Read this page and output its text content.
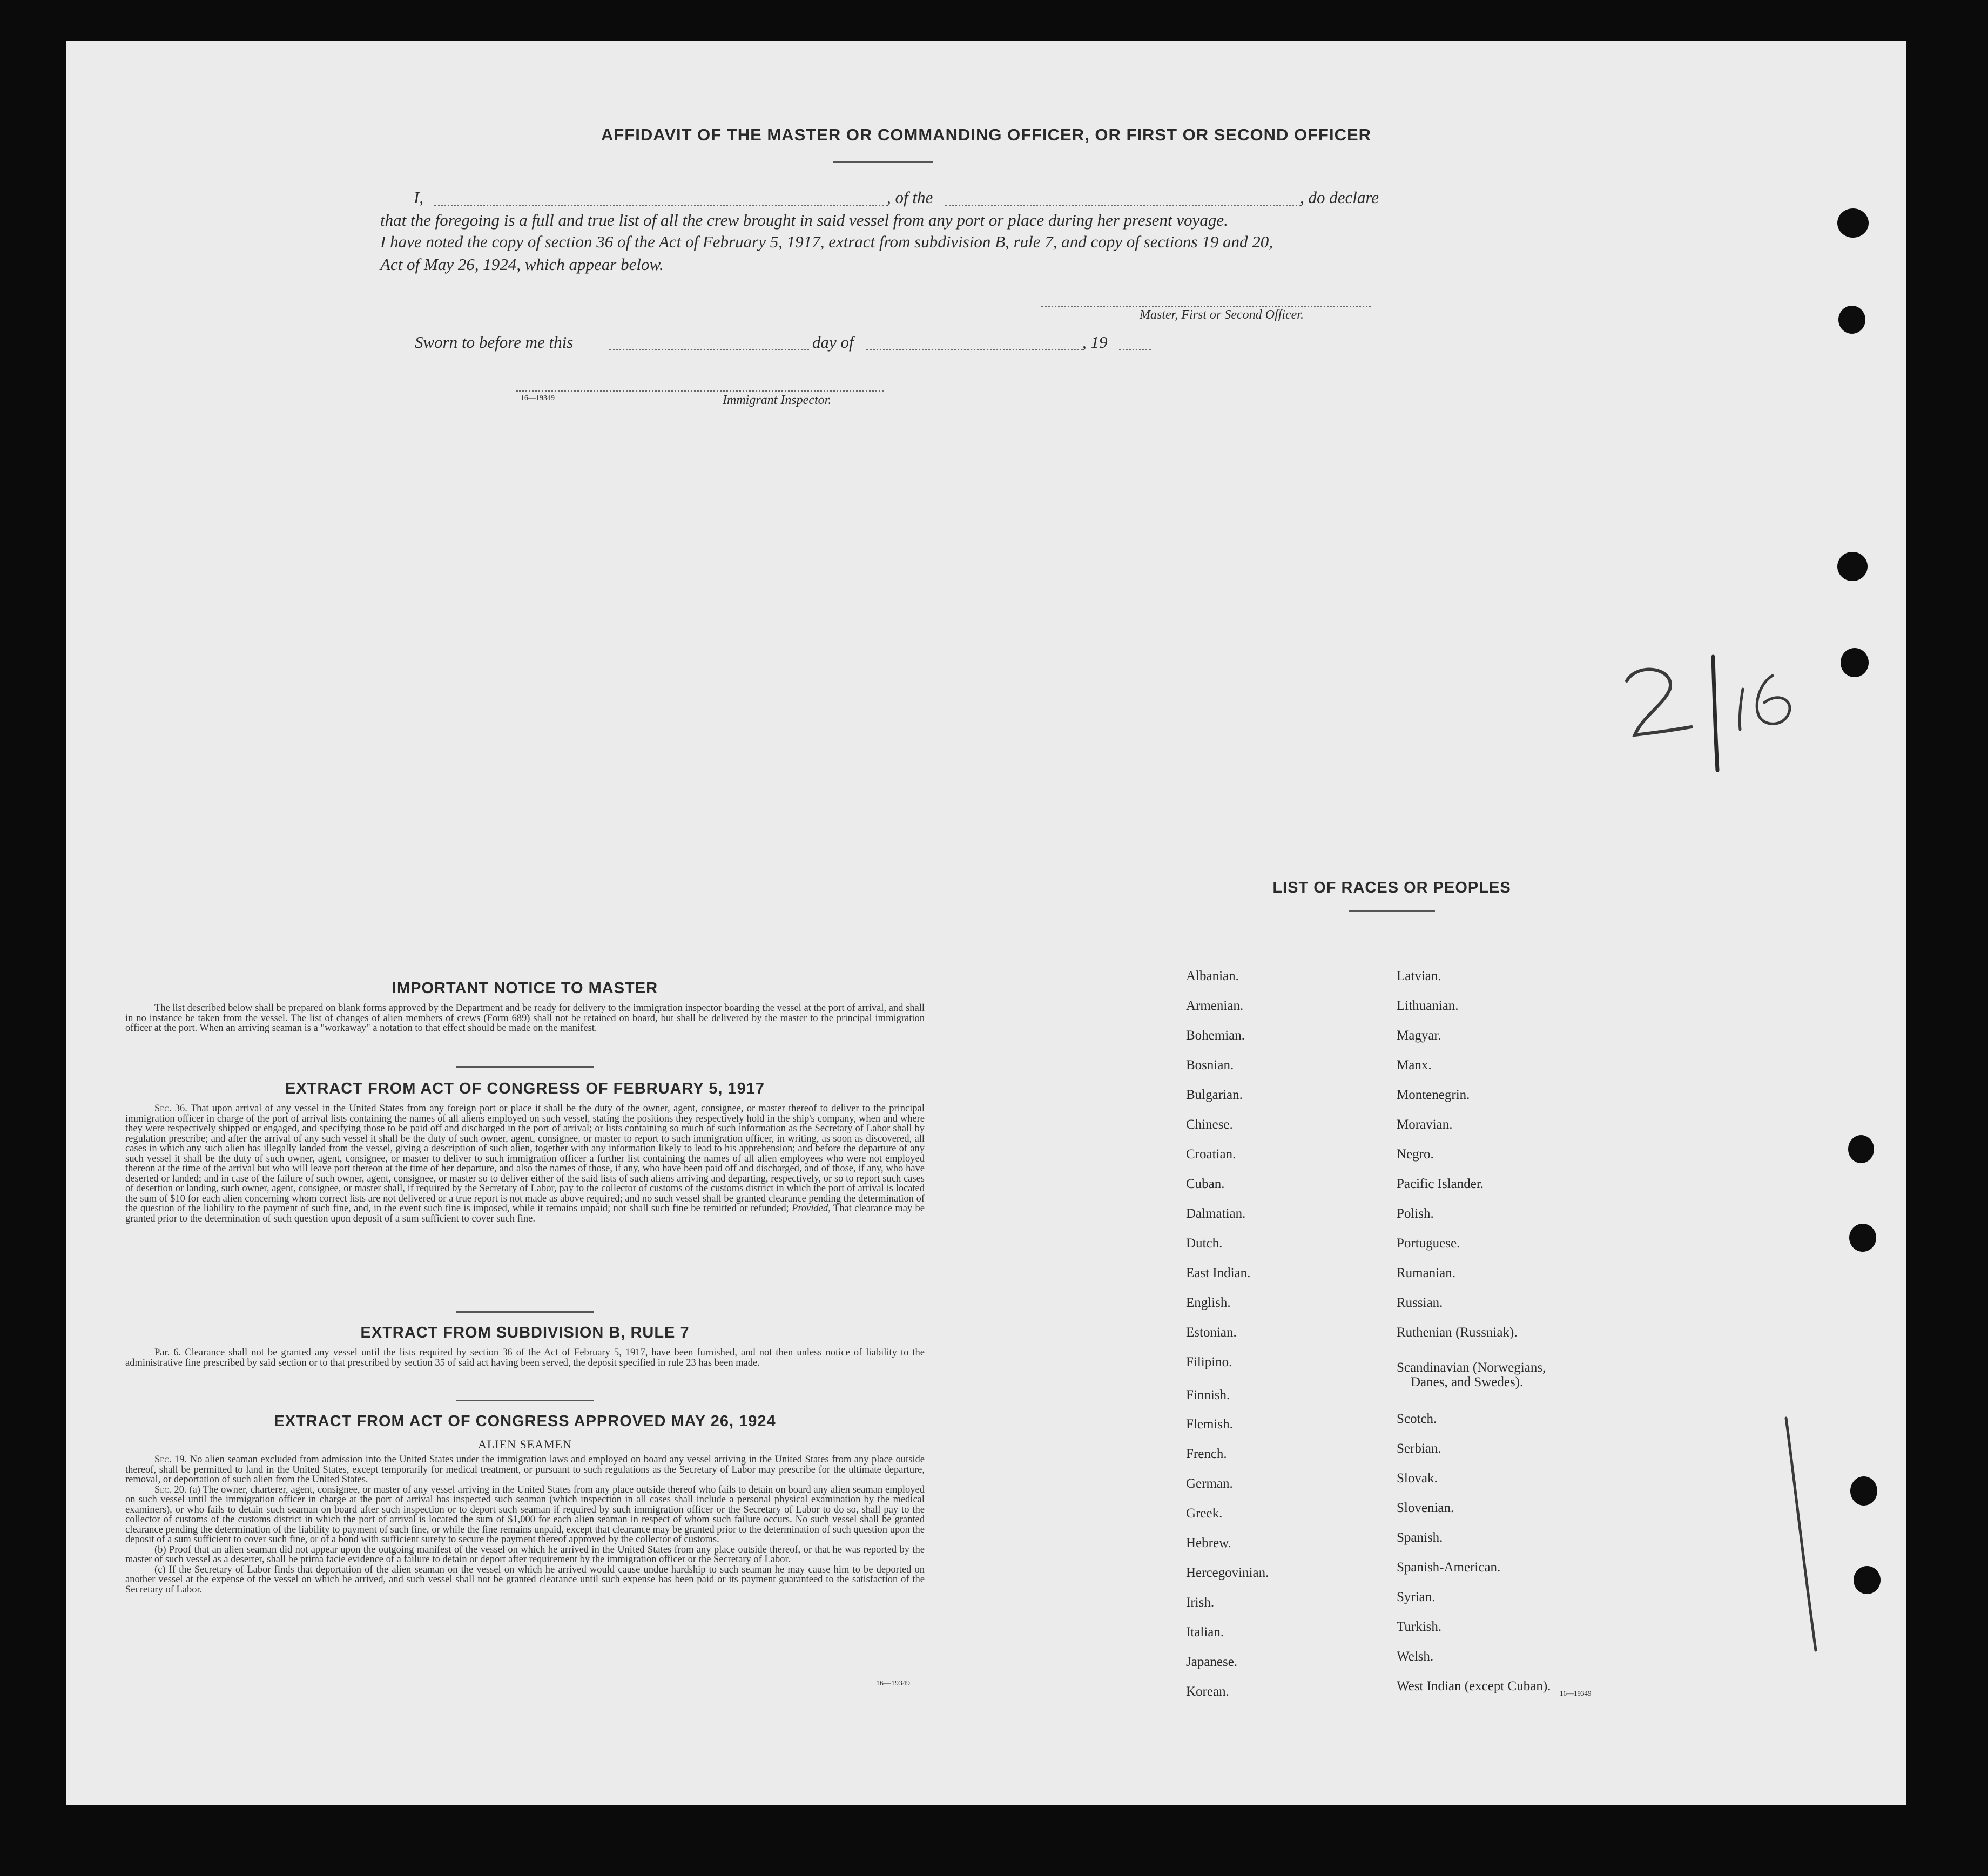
AFFIDAVIT OF THE MASTER OR COMMANDING OFFICER, OR FIRST OR SECOND OFFICER
I,	, of the	, do declare
that the foregoing is a full and true list of all the crew brought in said vessel from any port or place during her present voyage.
I have noted the copy of section 36 of the Act of February 5, 1917, extract from subdivision B, rule 7, and copy of sections 19 and 20,
Act of May 26, 1924, which appear below.
Master, First or Second Officer.
Sworn to before me this	day of	, 19
16—19349	Immigrant Inspector.
IMPORTANT NOTICE TO MASTER

The list described below shall be prepared on blank forms approved by the Department and be ready for delivery to the immigration inspector boarding the vessel at the port of arrival, and shall in no instance be taken from the vessel. The list of changes of alien members of crews (Form 689) shall not be retained on board, but shall be delivered by the master to the principal immigration officer at the port. When an arriving seaman is a "workaway" a notation to that effect should be made on the manifest.

EXTRACT FROM ACT OF CONGRESS OF FEBRUARY 5, 1917

Sec. 36. That upon arrival of any vessel in the United States from any foreign port or place it shall be the duty of the owner, agent, consignee, or master thereof to deliver to the principal immigration officer in charge of the port of arrival lists containing the names of all aliens employed on such vessel, stating the positions they respectively hold in the ship's company, when and where they were respectively shipped or engaged, and specifying those to be paid off and discharged in the port of arrival; or lists containing so much of such information as the Secretary of Labor shall by regulation prescribe; and after the arrival of any such vessel it shall be the duty of such owner, agent, consignee, or master to report to such immigration officer, in writing, as soon as discovered, all cases in which any such alien has illegally landed from the vessel, giving a description of such alien, together with any information likely to lead to his apprehension; and before the departure of any such vessel it shall be the duty of such owner, agent, consignee, or master to deliver to such immigration officer a further list containing the names of all alien employees who were not employed thereon at the time of the arrival but who will leave port thereon at the time of her departure, and also the names of those, if any, who have been paid off and discharged, and of those, if any, who have deserted or landed; and in case of the failure of such owner, agent, consignee, or master so to deliver either of the said lists of such aliens arriving and departing, respectively, or so to report such cases of desertion or landing, such owner, agent, consignee, or master shall, if required by the Secretary of Labor, pay to the collector of customs of the customs district in which the port of arrival is located the sum of $10 for each alien concerning whom correct lists are not delivered or a true report is not made as above required; and no such vessel shall be granted clearance pending the determination of the question of the liability to the payment of such fine, and, in the event such fine is imposed, while it remains unpaid; nor shall such fine be remitted or refunded; Provided, That clearance may be granted prior to the determination of such question upon deposit of a sum sufficient to cover such fine.

EXTRACT FROM SUBDIVISION B, RULE 7

Par. 6. Clearance shall not be granted any vessel until the lists required by section 36 of the Act of February 5, 1917, have been furnished, and not then unless notice of liability to the administrative fine prescribed by said section or to that prescribed by section 35 of said act having been served, the deposit specified in rule 23 has been made.

EXTRACT FROM ACT OF CONGRESS APPROVED MAY 26, 1924
ALIEN SEAMEN

Sec. 19. No alien seaman excluded from admission into the United States under the immigration laws and employed on board any vessel arriving in the United States from any place outside thereof, shall be permitted to land in the United States, except temporarily for medical treatment, or pursuant to such regulations as the Secretary of Labor may prescribe for the ultimate departure, removal, or deportation of such alien from the United States.

Sec. 20. (a) The owner, charterer, agent, consignee, or master of any vessel arriving in the United States from any place outside thereof who fails to detain on board any alien seaman employed on such vessel until the immigration officer in charge at the port of arrival has inspected such seaman (which inspection in all cases shall include a personal physical examination by the medical examiners), or who fails to detain such seaman on board after such inspection or to deport such seaman if required by such immigration officer or the Secretary of Labor to do so, shall pay to the collector of customs of the customs district in which the port of arrival is located the sum of $1,000 for each alien seaman in respect of whom such failure occurs. No such vessel shall be granted clearance pending the determination of the liability to payment of such fine, or while the fine remains unpaid, except that clearance may be granted prior to the determination of such question upon the deposit of a sum sufficient to cover such fine, or of a bond with sufficient surety to secure the payment thereof approved by the collector of customs.

(b) Proof that an alien seaman did not appear upon the outgoing manifest of the vessel on which he arrived in the United States from any place outside thereof, or that he was reported by the master of such vessel as a deserter, shall be prima facie evidence of a failure to detain or deport after requirement by the immigration officer or the Secretary of Labor.

(c) If the Secretary of Labor finds that deportation of the alien seaman on the vessel on which he arrived would cause undue hardship to such seaman he may cause him to be deported on another vessel at the expense of the vessel on which he arrived, and such vessel shall not be granted clearance until such expense has been paid or its payment guaranteed to the satisfaction of the Secretary of Labor.

16—19349
LIST OF RACES OR PEOPLES
Albanian.
Armenian.
Bohemian.
Bosnian.
Bulgarian.
Chinese.
Croatian.
Cuban.
Dalmatian.
Dutch.
East Indian.
English.
Estonian.
Filipino.
Finnish.
Flemish.
French.
German.
Greek.
Hebrew.
Hercegovinian.
Irish.
Italian.
Japanese.
Korean.
Latvian.
Lithuanian.
Magyar.
Manx.
Montenegrin.
Moravian.
Negro.
Pacific Islander.
Polish.
Portuguese.
Rumanian.
Russian.
Ruthenian (Russniak).
Scandinavian (Norwegians,
Danes, and Swedes).
Scotch.
Serbian.
Slovak.
Slovenian.
Spanish.
Spanish-American.
Syrian.
Turkish.
Welsh.
West Indian (except Cuban). 16—19349
